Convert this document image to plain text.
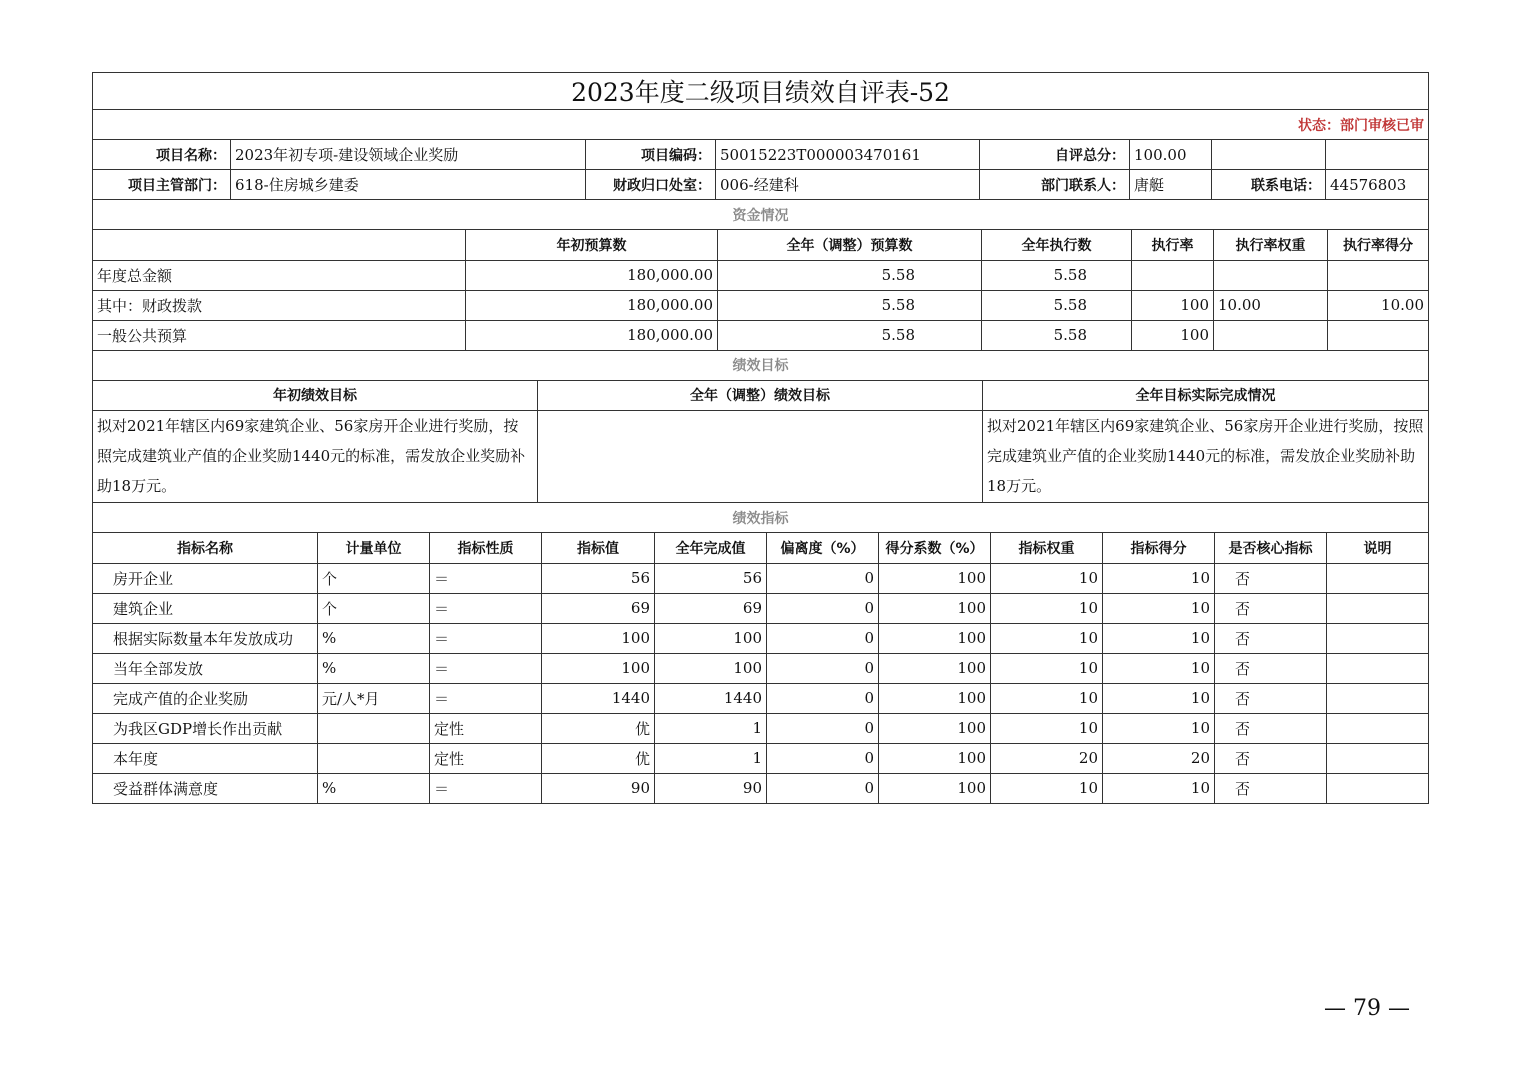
2023年度二级项目绩效自评表-52							
状态：部门审核已审							
项目名称：	2023年初专项-建设领域企业奖励	项目编码：	50015223T000003470161	自评总分：	100.00		
项目主管部门：	618-住房城乡建委	财政归口处室：	006-经建科	部门联系人：	唐艇	联系电话：	44576803
资金情况							
	年初预算数	全年（调整）预算数	全年执行数	执行率	执行率权重	执行率得分
年度总金额	180,000.00	5.58	5.58			
其中：财政拨款	180,000.00	5.58	5.58	100	10.00	10.00
一般公共预算	180,000.00	5.58	5.58	100		
绩效目标						
年初绩效目标	全年（调整）绩效目标	全年目标实际完成情况
拟对2021年辖区内69家建筑企业、56家房开企业进行奖励，按照完成建筑业产值的企业奖励1440元的标准，需发放企业奖励补助18万元。		拟对2021年辖区内69家建筑企业、56家房开企业进行奖励，按照完成建筑业产值的企业奖励1440元的标准，需发放企业奖励补助18万元。
绩效指标		
指标名称	计量单位	指标性质	指标值	全年完成值	偏离度（%）	得分系数（%）	指标权重	指标得分	是否核心指标	说明
房开企业	个	＝	56	56	0	100	10	10	否	
建筑企业	个	＝	69	69	0	100	10	10	否	
根据实际数量本年发放成功	%	＝	100	100	0	100	10	10	否	
当年全部发放	%	＝	100	100	0	100	10	10	否	
完成产值的企业奖励	元/人*月	＝	1440	1440	0	100	10	10	否	
为我区GDP增长作出贡献		定性	优	1	0	100	10	10	否	
本年度		定性	优	1	0	100	20	20	否	
受益群体满意度	%	＝	90	90	0	100	10	10	否	
— 79 —
